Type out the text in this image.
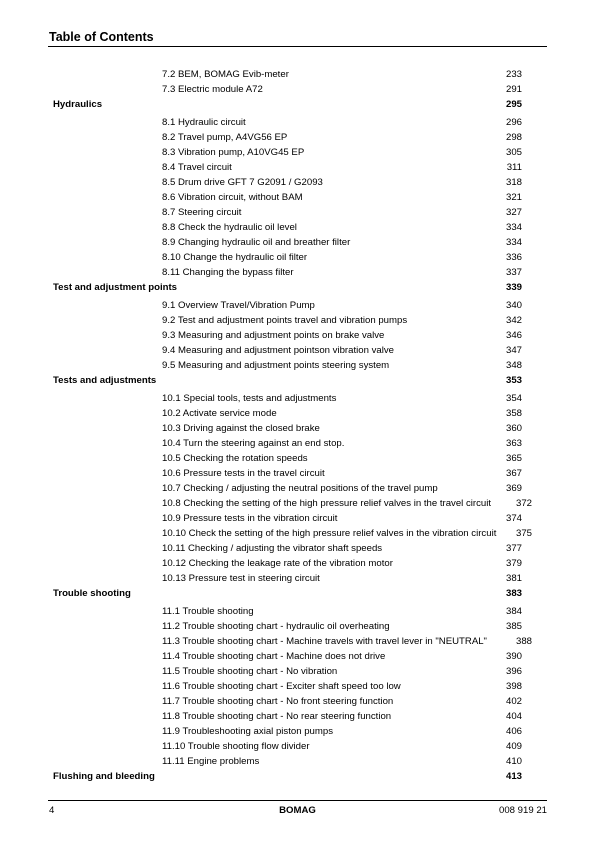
Table of Contents
7.2 BEM, BOMAG Evib-meter	233
7.3 Electric module A72	291
Hydraulics	295
8.1 Hydraulic circuit	296
8.2 Travel pump, A4VG56 EP	298
8.3 Vibration pump, A10VG45 EP	305
8.4 Travel circuit	311
8.5 Drum drive GFT 7 G2091 / G2093	318
8.6 Vibration circuit, without BAM	321
8.7 Steering circuit	327
8.8 Check the hydraulic oil level	334
8.9 Changing hydraulic oil and breather filter	334
8.10 Change the hydraulic oil filter	336
8.11 Changing the bypass filter	337
Test and adjustment points	339
9.1 Overview Travel/Vibration Pump	340
9.2 Test and adjustment points travel and vibration pumps	342
9.3 Measuring and adjustment points on brake valve	346
9.4 Measuring and adjustment pointson vibration valve	347
9.5 Measuring and adjustment points steering system	348
Tests and adjustments	353
10.1 Special tools, tests and adjustments	354
10.2 Activate service mode	358
10.3 Driving against the closed brake	360
10.4 Turn the steering against an end stop.	363
10.5 Checking the rotation speeds	365
10.6 Pressure tests in the travel circuit	367
10.7 Checking / adjusting the neutral positions of the travel pump	369
10.8 Checking the setting of the high pressure relief valves in the travel circuit	372
10.9 Pressure tests in the vibration circuit	374
10.10 Check the setting of the high pressure relief valves in the vibration circuit 375
10.11 Checking / adjusting the vibrator shaft speeds	377
10.12 Checking the leakage rate of the vibration motor	379
10.13 Pressure test in steering circuit	381
Trouble shooting	383
11.1 Trouble shooting	384
11.2 Trouble shooting chart - hydraulic oil overheating	385
11.3 Trouble shooting chart - Machine travels with travel lever in "NEUTRAL"	388
11.4 Trouble shooting chart - Machine does not drive	390
11.5 Trouble shooting chart - No vibration	396
11.6 Trouble shooting chart - Exciter shaft speed too low	398
11.7 Trouble shooting chart - No front steering function	402
11.8 Trouble shooting chart - No rear steering function	404
11.9 Troubleshooting axial piston pumps	406
11.10 Trouble shooting flow divider	409
11.11 Engine problems	410
Flushing and bleeding	413
4	BOMAG	008 919 21
